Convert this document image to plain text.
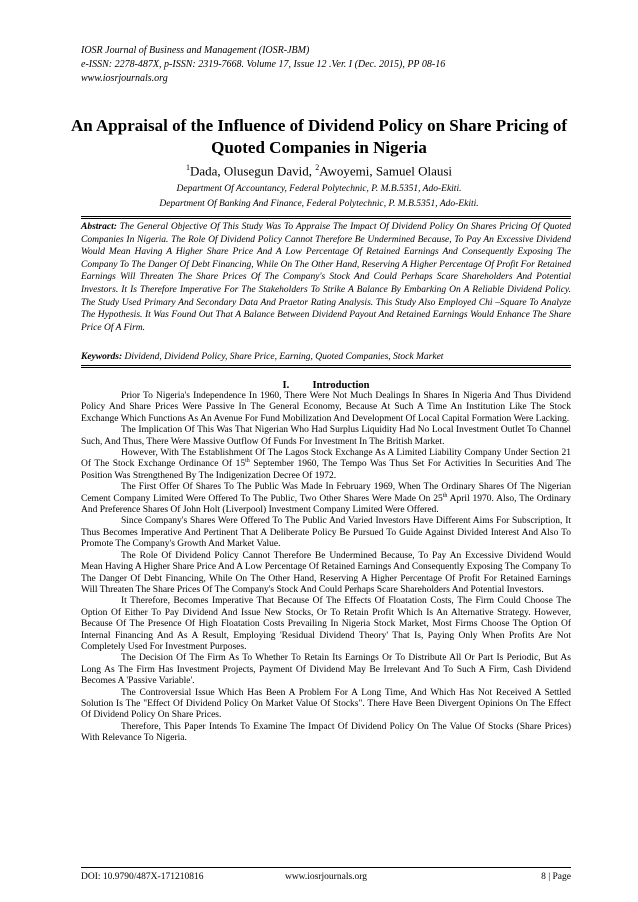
IOSR Journal of Business and Management (IOSR-JBM)
e-ISSN: 2278-487X, p-ISSN: 2319-7668. Volume 17, Issue 12 .Ver. I (Dec. 2015), PP 08-16
www.iosrjournals.org
An Appraisal of the Influence of Dividend Policy on Share Pricing of Quoted Companies in Nigeria
$^1$Dada, Olusegun David, $^2$Awoyemi, Samuel Olausi
Department Of Accountancy, Federal Polytechnic, P. M.B.5351, Ado-Ekiti.
Department Of Banking And Finance, Federal Polytechnic, P. M.B.5351, Ado-Ekiti.
Abstract: The General Objective Of This Study Was To Appraise The Impact Of Dividend Policy On Shares Pricing Of Quoted Companies In Nigeria. The Role Of Dividend Policy Cannot Therefore Be Undermined Because, To Pay An Excessive Dividend Would Mean Having A Higher Share Price And A Low Percentage Of Retained Earnings And Consequently Exposing The Company To The Danger Of Debt Financing, While On The Other Hand, Reserving A Higher Percentage Of Profit For Retained Earnings Will Threaten The Share Prices Of The Company's Stock And Could Perhaps Scare Shareholders And Potential Investors. It Is Therefore Imperative For The Stakeholders To Strike A Balance By Embarking On A Reliable Dividend Policy. The Study Used Primary And Secondary Data And Praetor Rating Analysis. This Study Also Employed Chi –Square To Analyze The Hypothesis. It Was Found Out That A Balance Between Dividend Payout And Retained Earnings Would Enhance The Share Price Of A Firm.
Keywords: Dividend, Dividend Policy, Share Price, Earning, Quoted Companies, Stock Market
I. Introduction

Prior To Nigeria's Independence In 1960, There Were Not Much Dealings In Shares In Nigeria And Thus Dividend Policy And Share Prices Were Passive In The General Economy, Because At Such A Time An Institution Like The Stock Exchange Which Functions As An Avenue For Fund Mobilization And Development Of Local Capital Formation Were Lacking.

The Implication Of This Was That Nigerian Who Had Surplus Liquidity Had No Local Investment Outlet To Channel Such, And Thus, There Were Massive Outflow Of Funds For Investment In The British Market.

However, With The Establishment Of The Lagos Stock Exchange As A Limited Liability Company Under Section 21 Of The Stock Exchange Ordinance Of 15th September 1960, The Tempo Was Thus Set For Activities In Securities And The Position Was Strengthened By The Indigenization Decree Of 1972.

The First Offer Of Shares To The Public Was Made In February 1969, When The Ordinary Shares Of The Nigerian Cement Company Limited Were Offered To The Public, Two Other Shares Were Made On 25th April 1970. Also, The Ordinary And Preference Shares Of John Holt (Liverpool) Investment Company Limited Were Offered.

Since Company's Shares Were Offered To The Public And Varied Investors Have Different Aims For Subscription, It Thus Becomes Imperative And Pertinent That A Deliberate Policy Be Pursued To Guide Against Divided Interest And Also To Promote The Company's Growth And Market Value.

The Role Of Dividend Policy Cannot Therefore Be Undermined Because, To Pay An Excessive Dividend Would Mean Having A Higher Share Price And A Low Percentage Of Retained Earnings And Consequently Exposing The Company To The Danger Of Debt Financing, While On The Other Hand, Reserving A Higher Percentage Of Profit For Retained Earnings Will Threaten The Share Prices Of The Company's Stock And Could Perhaps Scare Shareholders And Potential Investors.

It Therefore, Becomes Imperative That Because Of The Effects Of Floatation Costs, The Firm Could Choose The Option Of Either To Pay Dividend And Issue New Stocks, Or To Retain Profit Which Is An Alternative Strategy. However, Because Of The Presence Of High Floatation Costs Prevailing In Nigeria Stock Market, Most Firms Choose The Option Of Internal Financing And As A Result, Employing 'Residual Dividend Theory' That Is, Paying Only When Profits Are Not Completely Used For Investment Purposes.

The Decision Of The Firm As To Whether To Retain Its Earnings Or To Distribute All Or Part Is Periodic, But As Long As The Firm Has Investment Projects, Payment Of Dividend May Be Irrelevant And To Such A Firm, Cash Dividend Becomes A 'Passive Variable'.

The Controversial Issue Which Has Been A Problem For A Long Time, And Which Has Not Received A Settled Solution Is The "Effect Of Dividend Policy On Market Value Of Stocks". There Have Been Divergent Opinions On The Effect Of Dividend Policy On Share Prices.

Therefore, This Paper Intends To Examine The Impact Of Dividend Policy On The Value Of Stocks (Share Prices) With Relevance To Nigeria.

DOI: 10.9790/487X-171210816	www.iosrjournals.org	8 | Page
